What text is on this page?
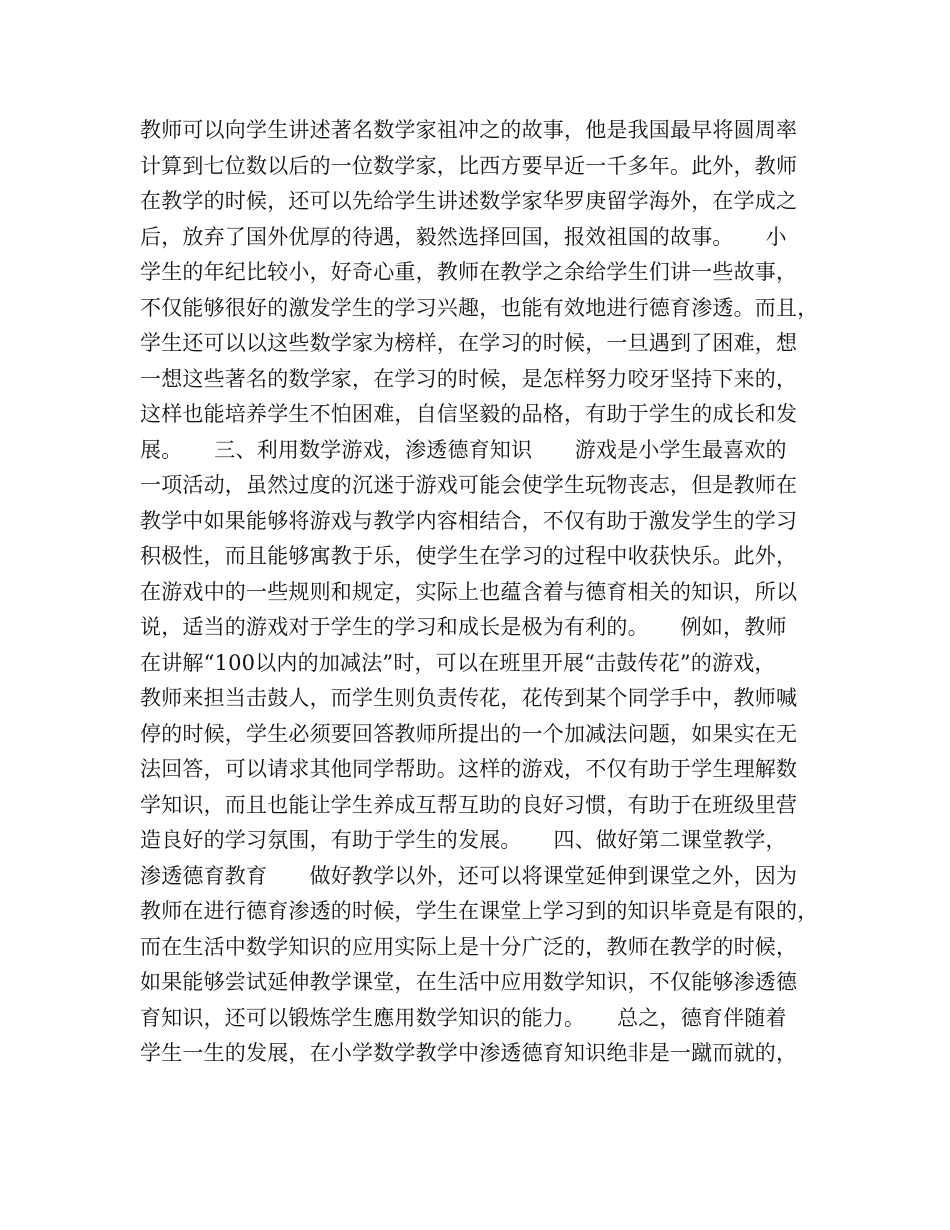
教师可以向学生讲述著名数学家祖冲之的故事，他是我国最早将圆周率
计算到七位数以后的一位数学家，比西方要早近一千多年。此外，教师
在教学的时候，还可以先给学生讲述数学家华罗庚留学海外，在学成之
后，放弃了国外优厚的待遇，毅然选择回国，报效祖国的故事。　　小
学生的年纪比较小，好奇心重，教师在教学之余给学生们讲一些故事，
不仅能够很好的激发学生的学习兴趣，也能有效地进行德育渗透。而且，
学生还可以以这些数学家为榜样，在学习的时候，一旦遇到了困难，想
一想这些著名的数学家，在学习的时候，是怎样努力咬牙坚持下来的，
这样也能培养学生不怕困难，自信坚毅的品格，有助于学生的成长和发
展。　　三、利用数学游戏，渗透德育知识　　游戏是小学生最喜欢的
一项活动，虽然过度的沉迷于游戏可能会使学生玩物丧志，但是教师在
教学中如果能够将游戏与教学内容相结合，不仅有助于激发学生的学习
积极性，而且能够寓教于乐，使学生在学习的过程中收获快乐。此外，
在游戏中的一些规则和规定，实际上也蕴含着与德育相关的知识，所以
说，适当的游戏对于学生的学习和成长是极为有利的。　　例如，教师
在讲解“100以内的加减法”时，可以在班里开展“击鼓传花”的游戏，
教师来担当击鼓人，而学生则负责传花，花传到某个同学手中，教师喊
停的时候，学生必须要回答教师所提出的一个加减法问题，如果实在无
法回答，可以请求其他同学帮助。这样的游戏，不仅有助于学生理解数
学知识，而且也能让学生养成互帮互助的良好习惯，有助于在班级里营
造良好的学习氛围，有助于学生的发展。　　四、做好第二课堂教学，
渗透德育教育　　做好教学以外，还可以将课堂延伸到课堂之外，因为
教师在进行德育渗透的时候，学生在课堂上学习到的知识毕竟是有限的，
而在生活中数学知识的应用实际上是十分广泛的，教师在教学的时候，
如果能够尝试延伸教学课堂，在生活中应用数学知识，不仅能够渗透德
育知识，还可以锻炼学生應用数学知识的能力。　　总之，德育伴随着
学生一生的发展，在小学数学教学中渗透德育知识绝非是一蹴而就的，
